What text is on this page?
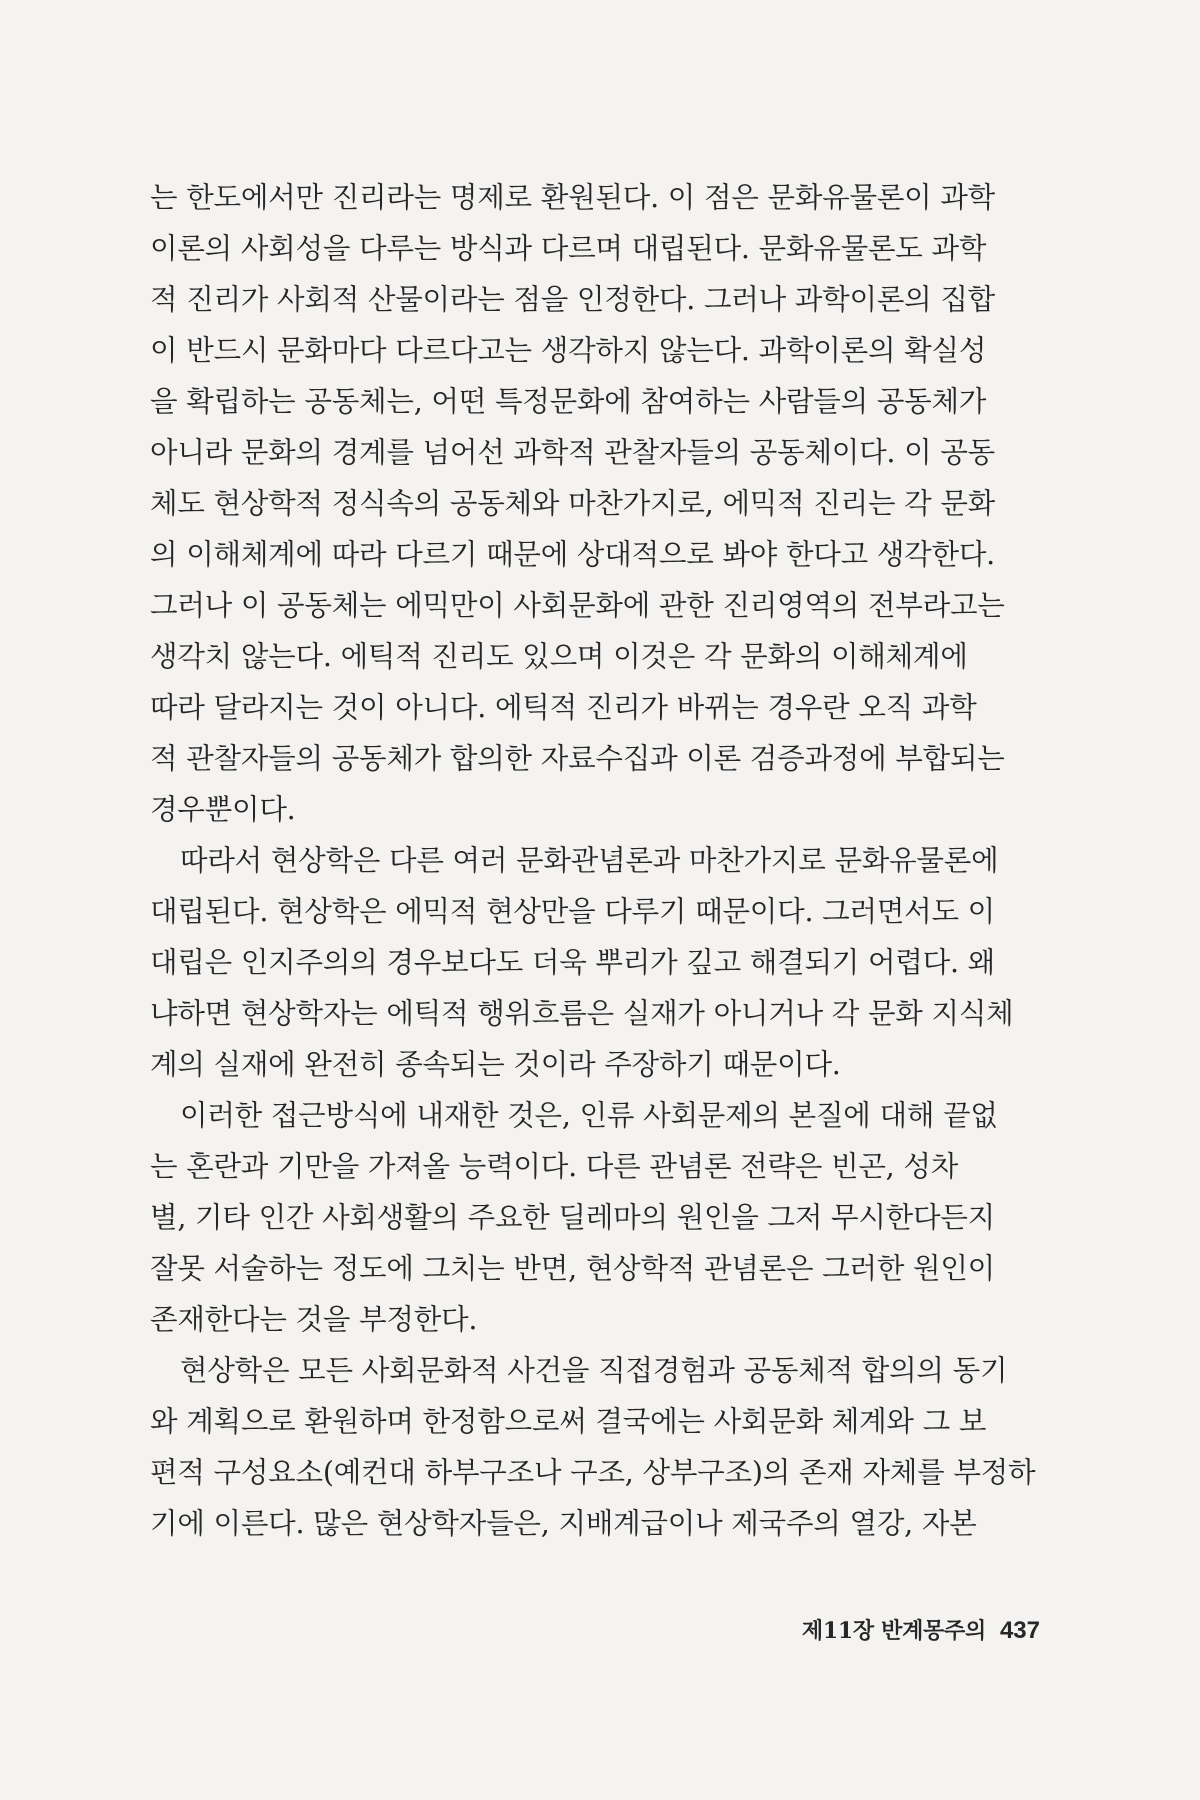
는 한도에서만 진리라는 명제로 환원된다. 이 점은 문화유물론이 과학
이론의 사회성을 다루는 방식과 다르며 대립된다. 문화유물론도 과학
적 진리가 사회적 산물이라는 점을 인정한다. 그러나 과학이론의 집합
이 반드시 문화마다 다르다고는 생각하지 않는다. 과학이론의 확실성
을 확립하는 공동체는, 어떤 특정문화에 참여하는 사람들의 공동체가
아니라 문화의 경계를 넘어선 과학적 관찰자들의 공동체이다. 이 공동
체도 현상학적 정식속의 공동체와 마찬가지로, 에믹적 진리는 각 문화
의 이해체계에 따라 다르기 때문에 상대적으로 봐야 한다고 생각한다.
그러나 이 공동체는 에믹만이 사회문화에 관한 진리영역의 전부라고는
생각치 않는다. 에틱적 진리도 있으며 이것은 각 문화의 이해체계에
따라 달라지는 것이 아니다. 에틱적 진리가 바뀌는 경우란 오직 과학
적 관찰자들의 공동체가 합의한 자료수집과 이론 검증과정에 부합되는
경우뿐이다.
따라서 현상학은 다른 여러 문화관념론과 마찬가지로 문화유물론에
대립된다. 현상학은 에믹적 현상만을 다루기 때문이다. 그러면서도 이
대립은 인지주의의 경우보다도 더욱 뿌리가 깊고 해결되기 어렵다. 왜
냐하면 현상학자는 에틱적 행위흐름은 실재가 아니거나 각 문화 지식체
계의 실재에 완전히 종속되는 것이라 주장하기 때문이다.
이러한 접근방식에 내재한 것은, 인류 사회문제의 본질에 대해 끝없
는 혼란과 기만을 가져올 능력이다. 다른 관념론 전략은 빈곤, 성차
별, 기타 인간 사회생활의 주요한 딜레마의 원인을 그저 무시한다든지
잘못 서술하는 정도에 그치는 반면, 현상학적 관념론은 그러한 원인이
존재한다는 것을 부정한다.
현상학은 모든 사회문화적 사건을 직접경험과 공동체적 합의의 동기
와 계획으로 환원하며 한정함으로써 결국에는 사회문화 체계와 그 보
편적 구성요소(예컨대 하부구조나 구조, 상부구조)의 존재 자체를 부정하
기에 이른다. 많은 현상학자들은, 지배계급이나 제국주의 열강, 자본
제11장 반계몽주의 437
